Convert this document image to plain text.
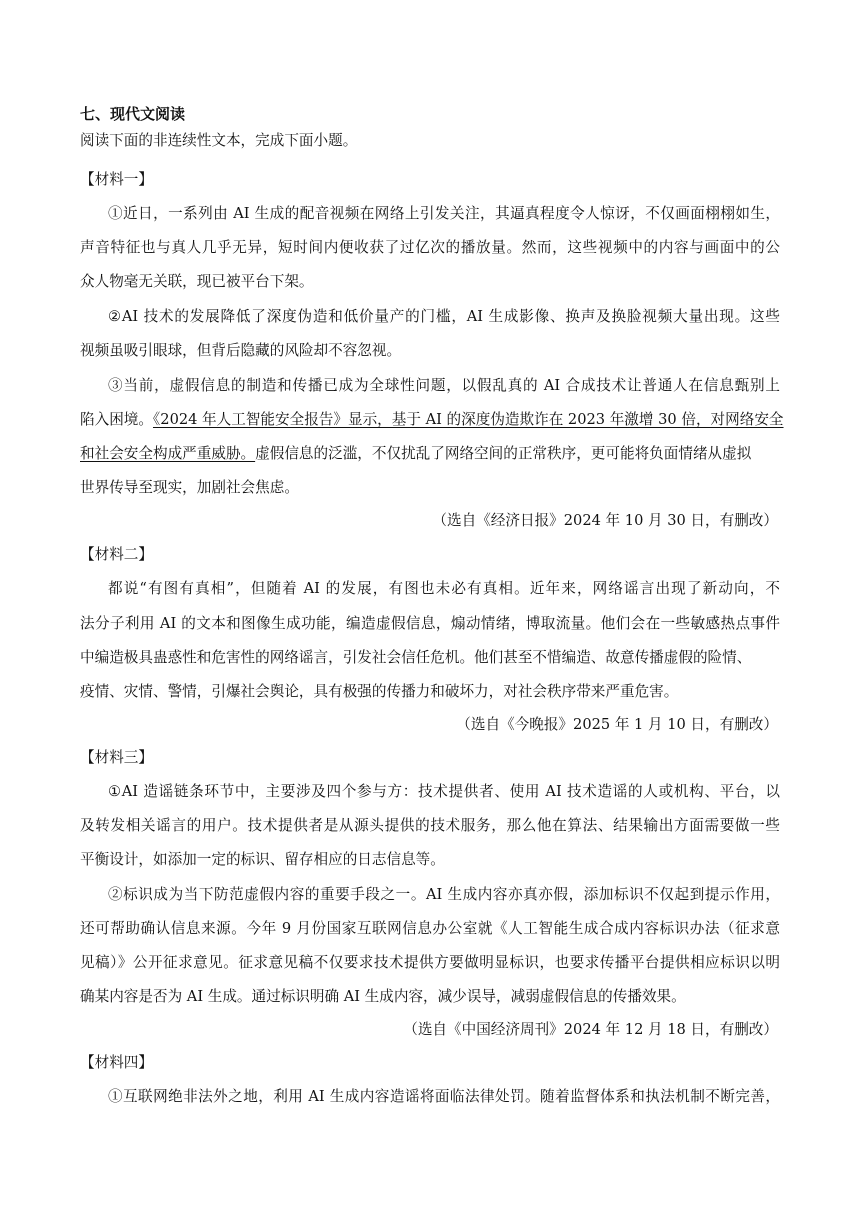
七、现代文阅读
阅读下面的非连续性文本，完成下面小题。
【材料一】
①近日，一系列由 AI 生成的配音视频在网络上引发关注，其逼真程度令人惊讶，不仅画面栩栩如生，
声音特征也与真人几乎无异，短时间内便收获了过亿次的播放量。然而，这些视频中的内容与画面中的公
众人物毫无关联，现已被平台下架。
②AI 技术的发展降低了深度伪造和低价量产的门槛，AI 生成影像、换声及换脸视频大量出现。这些
视频虽吸引眼球，但背后隐藏的风险却不容忽视。
③当前，虚假信息的制造和传播已成为全球性问题，以假乱真的 AI 合成技术让普通人在信息甄别上
陷入困境。《2024 年人工智能安全报告》显示，基于 AI 的深度伪造欺诈在 2023 年激增 30 倍，对网络安全
和社会安全构成严重威胁。虚假信息的泛滥，不仅扰乱了网络空间的正常秩序，更可能将负面情绪从虚拟
世界传导至现实，加剧社会焦虑。
（选自《经济日报》2024 年 10 月 30 日，有删改）
【材料二】
都说“有图有真相”，但随着 AI 的发展，有图也未必有真相。近年来，网络谣言出现了新动向，不
法分子利用 AI 的文本和图像生成功能，编造虚假信息，煽动情绪，博取流量。他们会在一些敏感热点事件
中编造极具蛊惑性和危害性的网络谣言，引发社会信任危机。他们甚至不惜编造、故意传播虚假的险情、
疫情、灾情、警情，引爆社会舆论，具有极强的传播力和破坏力，对社会秩序带来严重危害。
（选自《今晚报》2025 年 1 月 10 日，有删改）
【材料三】
①AI 造谣链条环节中，主要涉及四个参与方：技术提供者、使用 AI 技术造谣的人或机构、平台，以
及转发相关谣言的用户。技术提供者是从源头提供的技术服务，那么他在算法、结果输出方面需要做一些
平衡设计，如添加一定的标识、留存相应的日志信息等。
②标识成为当下防范虚假内容的重要手段之一。AI 生成内容亦真亦假，添加标识不仅起到提示作用，
还可帮助确认信息来源。今年 9 月份国家互联网信息办公室就《人工智能生成合成内容标识办法（征求意
见稿）》公开征求意见。征求意见稿不仅要求技术提供方要做明显标识，也要求传播平台提供相应标识以明
确某内容是否为 AI 生成。通过标识明确 AI 生成内容，减少误导，减弱虚假信息的传播效果。
（选自《中国经济周刊》2024 年 12 月 18 日，有删改）
【材料四】
①互联网绝非法外之地，利用 AI 生成内容造谣将面临法律处罚。随着监督体系和执法机制不断完善，
